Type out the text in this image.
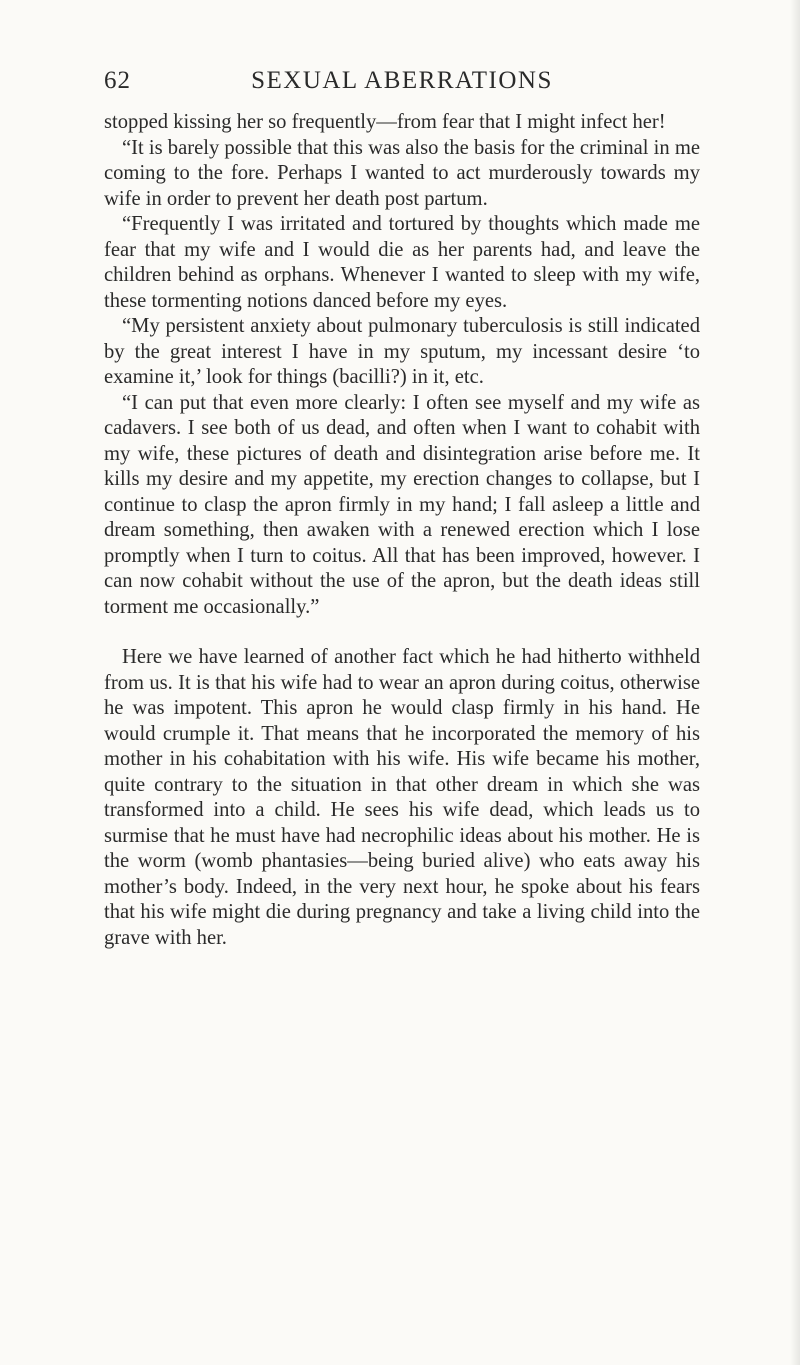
62	SEXUAL ABERRATIONS

stopped kissing her so frequently—from fear that I might infect her!

“It is barely possible that this was also the basis for the criminal in me coming to the fore. Perhaps I wanted to act murderously towards my wife in order to prevent her death post partum.

“Frequently I was irritated and tortured by thoughts which made me fear that my wife and I would die as her parents had, and leave the children behind as orphans. Whenever I wanted to sleep with my wife, these tormenting notions danced before my eyes.

“My persistent anxiety about pulmonary tuberculosis is still indicated by the great interest I have in my sputum, my incessant desire ‘to examine it,’ look for things (bacilli?) in it, etc.

“I can put that even more clearly: I often see myself and my wife as cadavers. I see both of us dead, and often when I want to cohabit with my wife, these pictures of death and disintegration arise before me. It kills my desire and my appetite, my erection changes to collapse, but I continue to clasp the apron firmly in my hand; I fall asleep a little and dream something, then awaken with a renewed erection which I lose promptly when I turn to coitus. All that has been improved, however. I can now cohabit without the use of the apron, but the death ideas still torment me occasionally.”

Here we have learned of another fact which he had hitherto withheld from us. It is that his wife had to wear an apron during coitus, otherwise he was impotent. This apron he would clasp firmly in his hand. He would crumple it. That means that he incorporated the memory of his mother in his cohabitation with his wife. His wife became his mother, quite contrary to the situation in that other dream in which she was transformed into a child. He sees his wife dead, which leads us to surmise that he must have had necrophilic ideas about his mother. He is the worm (womb phantasies—being buried alive) who eats away his mother’s body. Indeed, in the very next hour, he spoke about his fears that his wife might die during pregnancy and take a living child into the grave with her.
